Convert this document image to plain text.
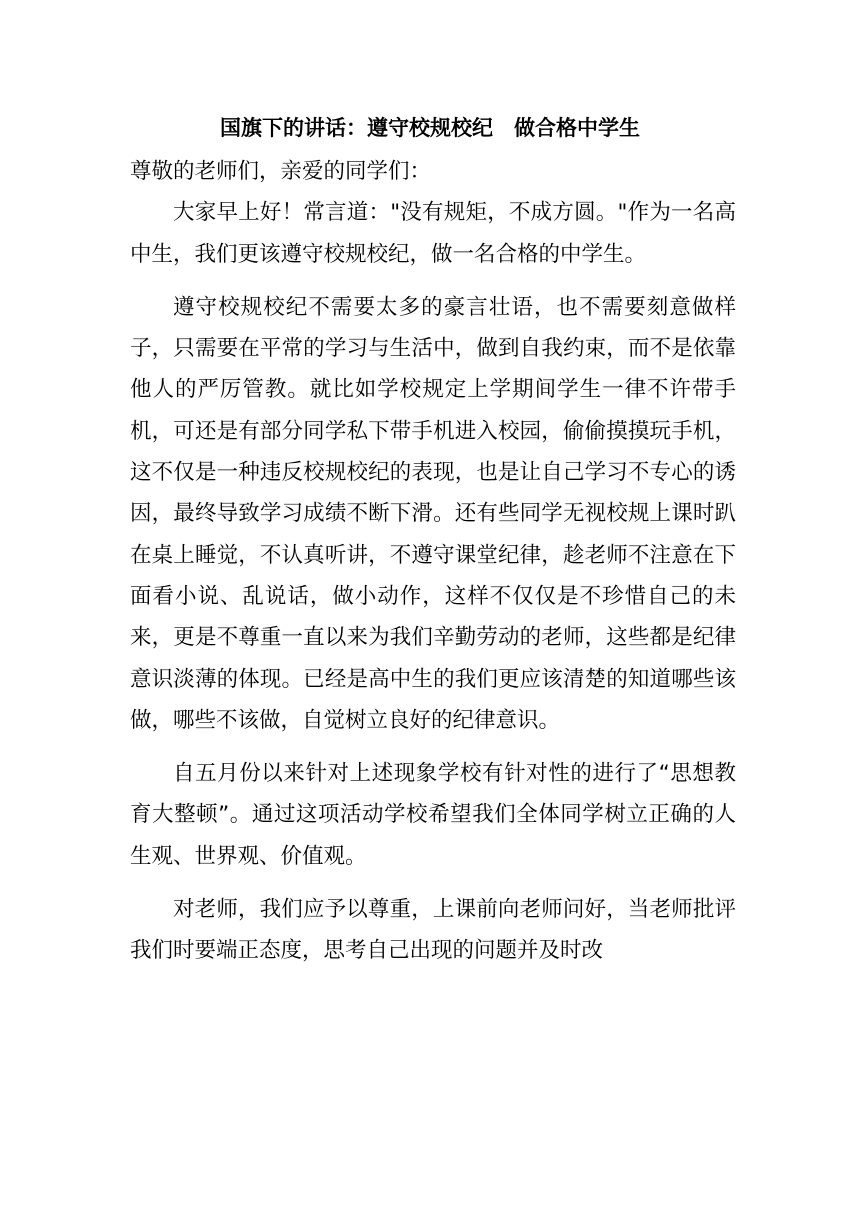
国旗下的讲话：遵守校规校纪　做合格中学生

尊敬的老师们，亲爱的同学们：

大家早上好！常言道："没有规矩，不成方圆。"作为一名高中生，我们更该遵守校规校纪，做一名合格的中学生。

遵守校规校纪不需要太多的豪言壮语，也不需要刻意做样子，只需要在平常的学习与生活中，做到自我约束，而不是依靠他人的严厉管教。就比如学校规定上学期间学生一律不许带手机，可还是有部分同学私下带手机进入校园，偷偷摸摸玩手机，这不仅是一种违反校规校纪的表现，也是让自己学习不专心的诱因，最终导致学习成绩不断下滑。还有些同学无视校规上课时趴在桌上睡觉，不认真听讲，不遵守课堂纪律，趁老师不注意在下面看小说、乱说话，做小动作，这样不仅仅是不珍惜自己的未来，更是不尊重一直以来为我们辛勤劳动的老师，这些都是纪律意识淡薄的体现。已经是高中生的我们更应该清楚的知道哪些该做，哪些不该做，自觉树立良好的纪律意识。

自五月份以来针对上述现象学校有针对性的进行了“思想教育大整顿”。通过这项活动学校希望我们全体同学树立正确的人生观、世界观、价值观。

对老师，我们应予以尊重，上课前向老师问好，当老师批评我们时要端正态度，思考自己出现的问题并及时改
